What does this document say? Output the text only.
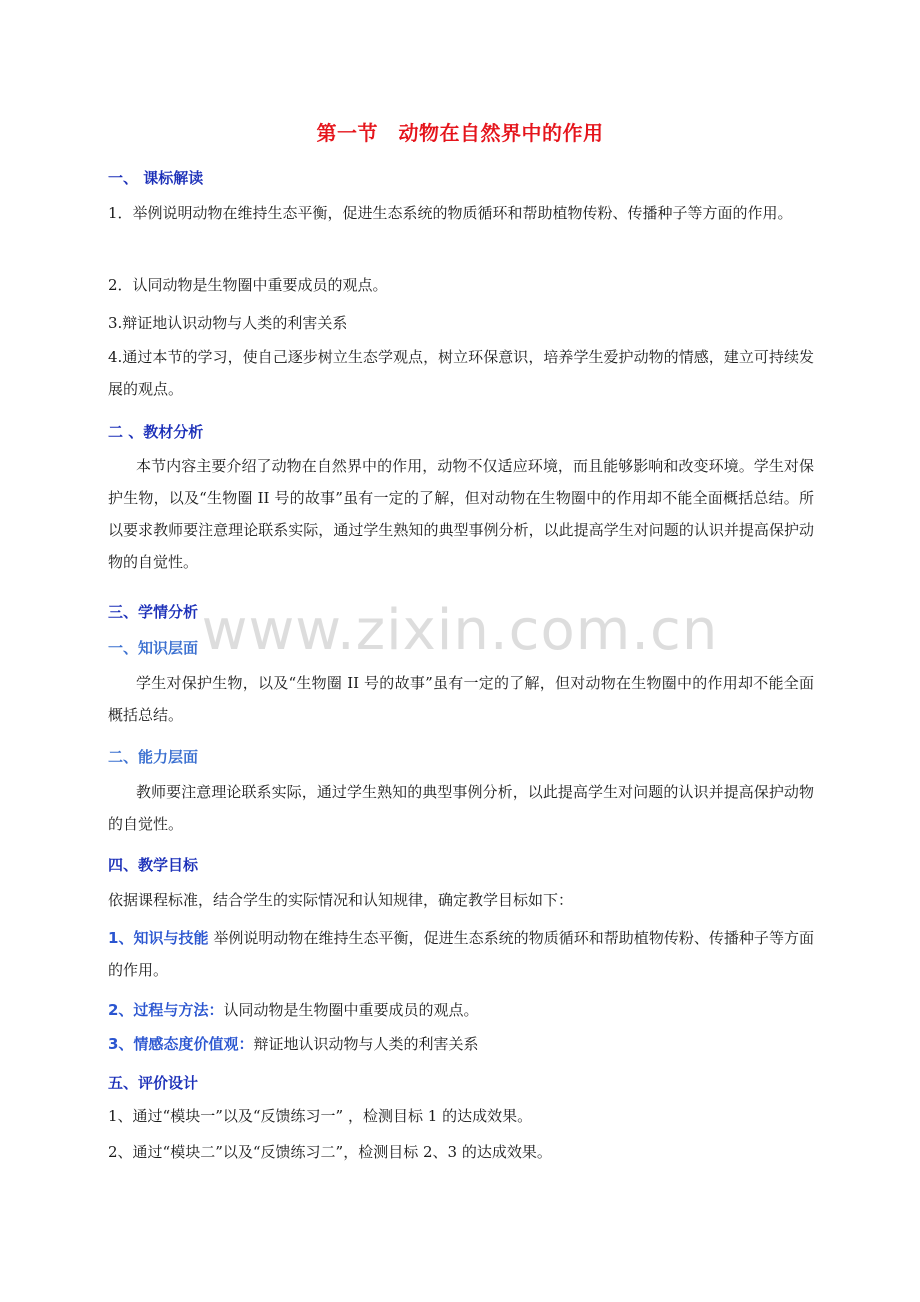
第一节　动物在自然界中的作用
一、 课标解读
1．举例说明动物在维持生态平衡，促进生态系统的物质循环和帮助植物传粉、传播种子等方面的作用。
2．认同动物是生物圈中重要成员的观点。
3.辩证地认识动物与人类的利害关系
4.通过本节的学习，使自己逐步树立生态学观点，树立环保意识，培养学生爱护动物的情感，建立可持续发展的观点。
二 、教材分析
本节内容主要介绍了动物在自然界中的作用，动物不仅适应环境，而且能够影响和改变环境。学生对保护生物，以及“生物圈 II 号的故事”虽有一定的了解，但对动物在生物圈中的作用却不能全面概括总结。所以要求教师要注意理论联系实际，通过学生熟知的典型事例分析，以此提高学生对问题的认识并提高保护动物的自觉性。
三、学情分析
一、知识层面
学生对保护生物，以及“生物圈 II 号的故事”虽有一定的了解，但对动物在生物圈中的作用却不能全面概括总结。
二、能力层面
教师要注意理论联系实际，通过学生熟知的典型事例分析，以此提高学生对问题的认识并提高保护动物的自觉性。
四、教学目标
依据课程标准，结合学生的实际情况和认知规律，确定教学目标如下：
1、知识与技能 举例说明动物在维持生态平衡，促进生态系统的物质循环和帮助植物传粉、传播种子等方面的作用。
2、过程与方法：认同动物是生物圈中重要成员的观点。
3、情感态度价值观：辩证地认识动物与人类的利害关系
五、评价设计
1、通过“模块一”以及“反馈练习一” ，检测目标 1 的达成效果。
2、通过“模块二”以及“反馈练习二”，检测目标 2、3 的达成效果。
www.zixin.com.cn
